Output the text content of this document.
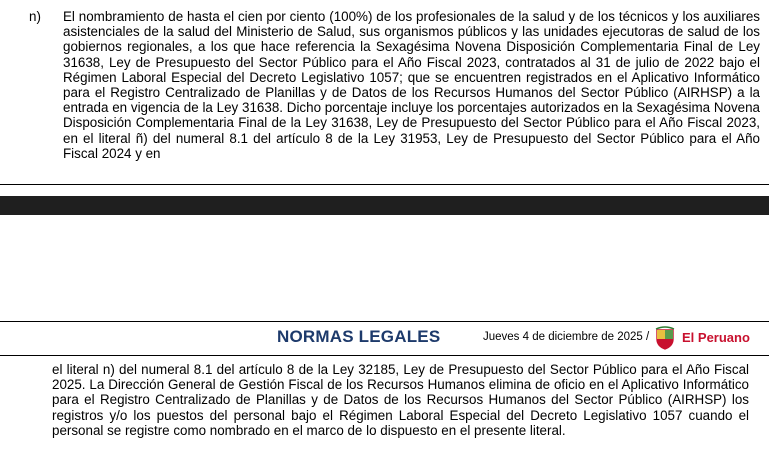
n) El nombramiento de hasta el cien por ciento (100%) de los profesionales de la salud y de los técnicos y los auxiliares asistenciales de la salud del Ministerio de Salud, sus organismos públicos y las unidades ejecutoras de salud de los gobiernos regionales, a los que hace referencia la Sexagésima Novena Disposición Complementaria Final de Ley 31638, Ley de Presupuesto del Sector Público para el Año Fiscal 2023, contratados al 31 de julio de 2022 bajo el Régimen Laboral Especial del Decreto Legislativo 1057; que se encuentren registrados en el Aplicativo Informático para el Registro Centralizado de Planillas y de Datos de los Recursos Humanos del Sector Público (AIRHSP) a la entrada en vigencia de la Ley 31638. Dicho porcentaje incluye los porcentajes autorizados en la Sexagésima Novena Disposición Complementaria Final de la Ley 31638, Ley de Presupuesto del Sector Público para el Año Fiscal 2023, en el literal ñ) del numeral 8.1 del artículo 8 de la Ley 31953, Ley de Presupuesto del Sector Público para el Año Fiscal 2024 y en
NORMAS LEGALES	Jueves 4 de diciembre de 2025 /	El Peruano
el literal n) del numeral 8.1 del artículo 8 de la Ley 32185, Ley de Presupuesto del Sector Público para el Año Fiscal 2025. La Dirección General de Gestión Fiscal de los Recursos Humanos elimina de oficio en el Aplicativo Informático para el Registro Centralizado de Planillas y de Datos de los Recursos Humanos del Sector Público (AIRHSP) los registros y/o los puestos del personal bajo el Régimen Laboral Especial del Decreto Legislativo 1057 cuando el personal se registre como nombrado en el marco de lo dispuesto en el presente literal.
